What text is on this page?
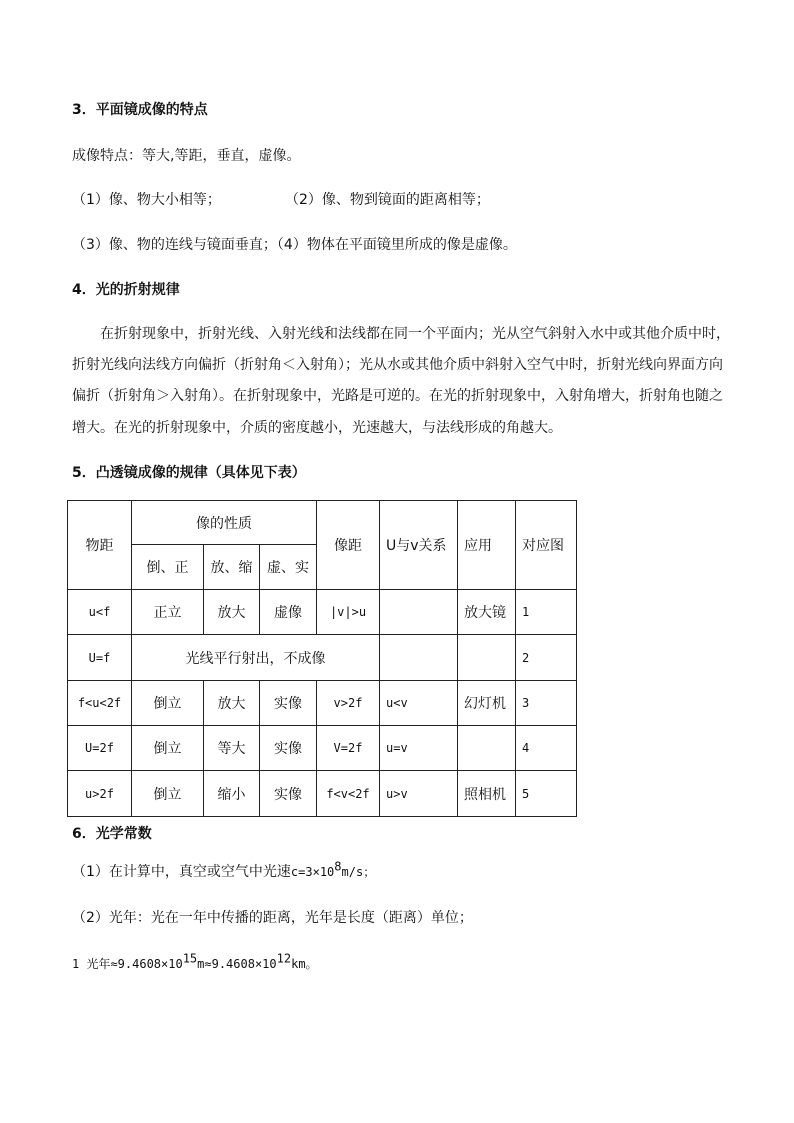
3．平面镜成像的特点
成像特点：等大,等距，垂直，虚像。
（1）像、物大小相等；	（2）像、物到镜面的距离相等；
（3）像、物的连线与镜面垂直；（4）物体在平面镜里所成的像是虚像。
4．光的折射规律
在折射现象中，折射光线、入射光线和法线都在同一个平面内；光从空气斜射入水中或其他介质中时，
折射光线向法线方向偏折（折射角＜入射角）；光从水或其他介质中斜射入空气中时，折射光线向界面方向
偏折（折射角＞入射角）。在折射现象中，光路是可逆的。在光的折射现象中，入射角增大，折射角也随之
增大。在光的折射现象中，介质的密度越小，光速越大，与法线形成的角越大。
5．凸透镜成像的规律（具体见下表）
物距	像的性质			像距	U与v关系	应用	对应图
	倒、正	放、缩	虚、实				
u<f	正立	放大	虚像	|v|>u		放大镜	1
U=f	光线平行射出，不成像						2
f<u<2f	倒立	放大	实像	v>2f	u<v	幻灯机	3
U=2f	倒立	等大	实像	V=2f	u=v		4
u>2f	倒立	缩小	实像	f<v<2f	u>v	照相机	5
6．光学常数
（1）在计算中，真空或空气中光速$c=3\times 10^8m/s$；
（2）光年：光在一年中传播的距离，光年是长度（距离）单位；
1 光年$\approx 9.4608\times 10^{15}m\approx 9.4608\times 10^{12}km$。
